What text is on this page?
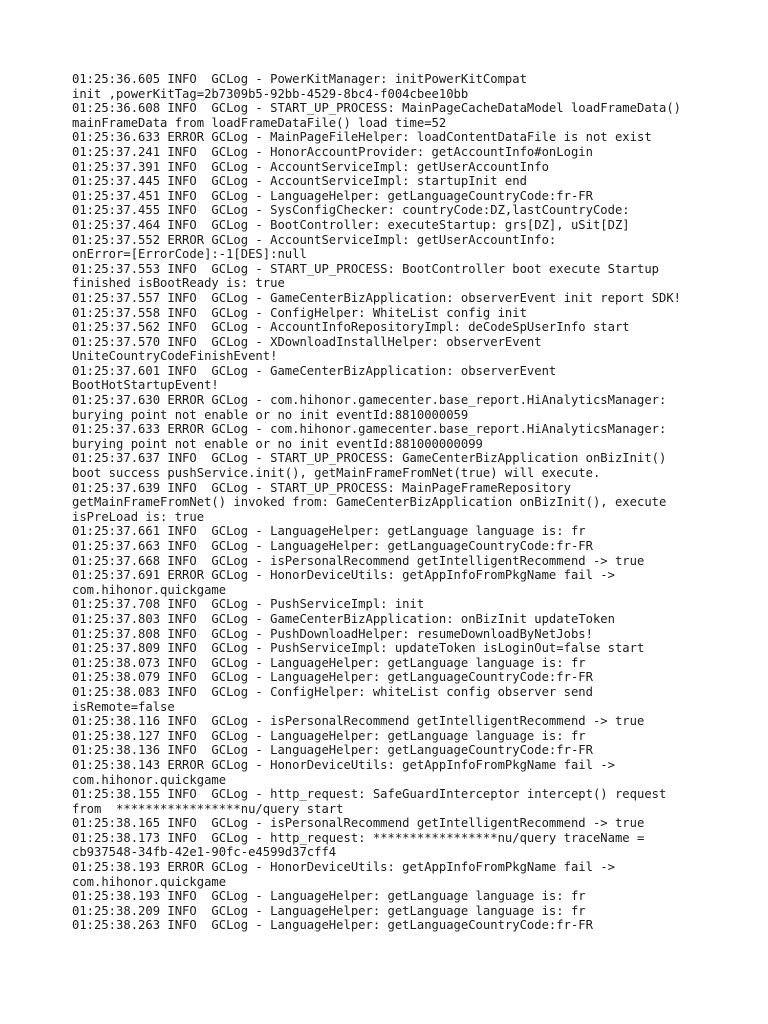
01:25:36.605 INFO  GCLog - PowerKitManager: initPowerKitCompat
init ,powerKitTag=2b7309b5-92bb-4529-8bc4-f004cbee10bb
01:25:36.608 INFO  GCLog - START_UP_PROCESS: MainPageCacheDataModel loadFrameData()
mainFrameData from loadFrameDataFile() load time=52
01:25:36.633 ERROR GCLog - MainPageFileHelper: loadContentDataFile is not exist
01:25:37.241 INFO  GCLog - HonorAccountProvider: getAccountInfo#onLogin
01:25:37.391 INFO  GCLog - AccountServiceImpl: getUserAccountInfo
01:25:37.445 INFO  GCLog - AccountServiceImpl: startupInit end
01:25:37.451 INFO  GCLog - LanguageHelper: getLanguageCountryCode:fr-FR
01:25:37.455 INFO  GCLog - SysConfigChecker: countryCode:DZ,lastCountryCode:
01:25:37.464 INFO  GCLog - BootController: executeStartup: grs[DZ], uSit[DZ]
01:25:37.552 ERROR GCLog - AccountServiceImpl: getUserAccountInfo:
onError=[ErrorCode]:-1[DES]:null
01:25:37.553 INFO  GCLog - START_UP_PROCESS: BootController boot execute Startup
finished isBootReady is: true
01:25:37.557 INFO  GCLog - GameCenterBizApplication: observerEvent init report SDK!
01:25:37.558 INFO  GCLog - ConfigHelper: WhiteList config init
01:25:37.562 INFO  GCLog - AccountInfoRepositoryImpl: deCodeSpUserInfo start
01:25:37.570 INFO  GCLog - XDownloadInstallHelper: observerEvent
UniteCountryCodeFinishEvent!
01:25:37.601 INFO  GCLog - GameCenterBizApplication: observerEvent
BootHotStartupEvent!
01:25:37.630 ERROR GCLog - com.hihonor.gamecenter.base_report.HiAnalyticsManager:
burying point not enable or no init eventId:8810000059
01:25:37.633 ERROR GCLog - com.hihonor.gamecenter.base_report.HiAnalyticsManager:
burying point not enable or no init eventId:881000000099
01:25:37.637 INFO  GCLog - START_UP_PROCESS: GameCenterBizApplication onBizInit()
boot success pushService.init(), getMainFrameFromNet(true) will execute.
01:25:37.639 INFO  GCLog - START_UP_PROCESS: MainPageFrameRepository
getMainFrameFromNet() invoked from: GameCenterBizApplication onBizInit(), execute
isPreLoad is: true
01:25:37.661 INFO  GCLog - LanguageHelper: getLanguage language is: fr
01:25:37.663 INFO  GCLog - LanguageHelper: getLanguageCountryCode:fr-FR
01:25:37.668 INFO  GCLog - isPersonalRecommend getIntelligentRecommend -> true
01:25:37.691 ERROR GCLog - HonorDeviceUtils: getAppInfoFromPkgName fail ->
com.hihonor.quickgame
01:25:37.708 INFO  GCLog - PushServiceImpl: init
01:25:37.803 INFO  GCLog - GameCenterBizApplication: onBizInit updateToken
01:25:37.808 INFO  GCLog - PushDownloadHelper: resumeDownloadByNetJobs!
01:25:37.809 INFO  GCLog - PushServiceImpl: updateToken isLoginOut=false start
01:25:38.073 INFO  GCLog - LanguageHelper: getLanguage language is: fr
01:25:38.079 INFO  GCLog - LanguageHelper: getLanguageCountryCode:fr-FR
01:25:38.083 INFO  GCLog - ConfigHelper: whiteList config observer send
isRemote=false
01:25:38.116 INFO  GCLog - isPersonalRecommend getIntelligentRecommend -> true
01:25:38.127 INFO  GCLog - LanguageHelper: getLanguage language is: fr
01:25:38.136 INFO  GCLog - LanguageHelper: getLanguageCountryCode:fr-FR
01:25:38.143 ERROR GCLog - HonorDeviceUtils: getAppInfoFromPkgName fail ->
com.hihonor.quickgame
01:25:38.155 INFO  GCLog - http_request: SafeGuardInterceptor intercept() request
from  *****************nu/query start
01:25:38.165 INFO  GCLog - isPersonalRecommend getIntelligentRecommend -> true
01:25:38.173 INFO  GCLog - http_request: *****************nu/query traceName =
cb937548-34fb-42e1-90fc-e4599d37cff4
01:25:38.193 ERROR GCLog - HonorDeviceUtils: getAppInfoFromPkgName fail ->
com.hihonor.quickgame
01:25:38.193 INFO  GCLog - LanguageHelper: getLanguage language is: fr
01:25:38.209 INFO  GCLog - LanguageHelper: getLanguage language is: fr
01:25:38.263 INFO  GCLog - LanguageHelper: getLanguageCountryCode:fr-FR
